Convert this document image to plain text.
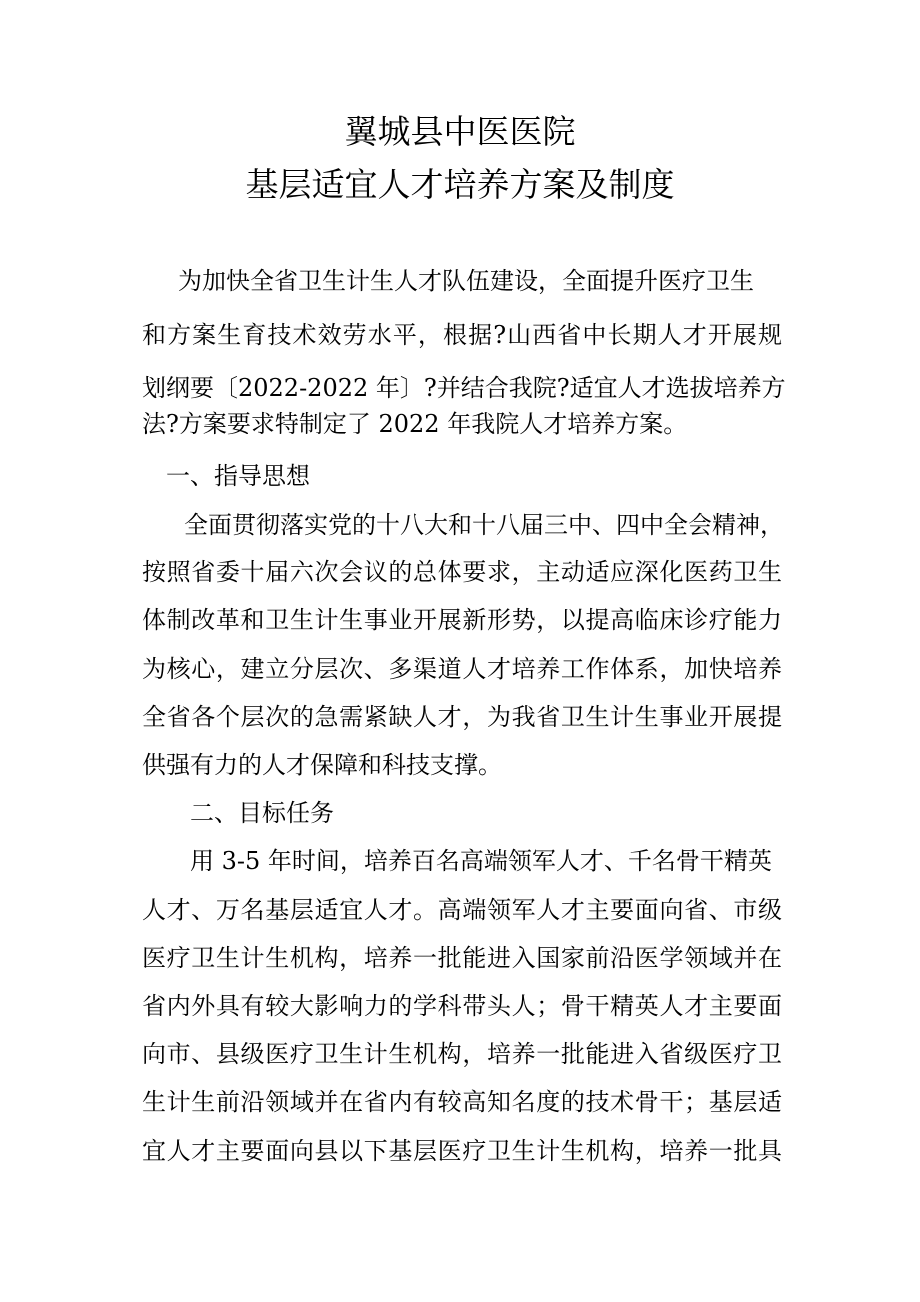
翼城县中医医院
基层适宜人才培养方案及制度

为加快全省卫生计生人才队伍建设，全面提升医疗卫生

和方案生育技术效劳水平，根据?山西省中长期人才开展规

划纲要〔2022-2022 年〕?并结合我院?适宜人才选拔培养方

法?方案要求特制定了 2022 年我院人才培养方案。

一、指导思想

全面贯彻落实党的十八大和十八届三中、四中全会精神，

按照省委十届六次会议的总体要求，主动适应深化医药卫生

体制改革和卫生计生事业开展新形势，以提高临床诊疗能力

为核心，建立分层次、多渠道人才培养工作体系，加快培养

全省各个层次的急需紧缺人才，为我省卫生计生事业开展提

供强有力的人才保障和科技支撑。

二、目标任务

用 3-5 年时间，培养百名高端领军人才、千名骨干精英

人才、万名基层适宜人才。高端领军人才主要面向省、市级

医疗卫生计生机构，培养一批能进入国家前沿医学领域并在

省内外具有较大影响力的学科带头人；骨干精英人才主要面

向市、县级医疗卫生计生机构，培养一批能进入省级医疗卫

生计生前沿领域并在省内有较高知名度的技术骨干；基层适

宜人才主要面向县以下基层医疗卫生计生机构，培养一批具
